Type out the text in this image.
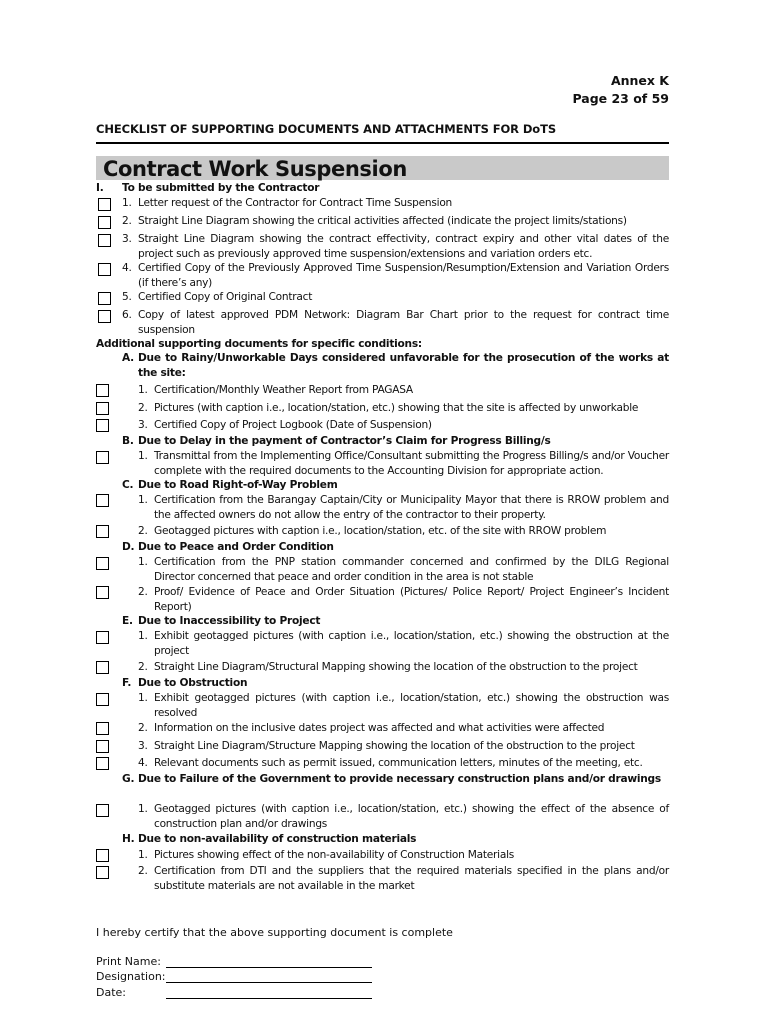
Annex K
Page 23 of 59
CHECKLIST OF SUPPORTING DOCUMENTS AND ATTACHMENTS FOR DoTS
Contract Work Suspension
I. To be submitted by the Contractor
1. Letter request of the Contractor for Contract Time Suspension
2. Straight Line Diagram showing the critical activities affected (indicate the project limits/stations)
3. Straight Line Diagram showing the contract effectivity, contract expiry and other vital dates of the project such as previously approved time suspension/extensions and variation orders etc.
4. Certified Copy of the Previously Approved Time Suspension/Resumption/Extension and Variation Orders (if there’s any)
5. Certified Copy of Original Contract
6. Copy of latest approved PDM Network: Diagram Bar Chart prior to the request for contract time suspension
Additional supporting documents for specific conditions:
A. Due to Rainy/Unworkable Days considered unfavorable for the prosecution of the works at the site:
1. Certification/Monthly Weather Report from PAGASA
2. Pictures (with caption i.e., location/station, etc.) showing that the site is affected by unworkable
3. Certified Copy of Project Logbook (Date of Suspension)
B. Due to Delay in the payment of Contractor’s Claim for Progress Billing/s
1. Transmittal from the Implementing Office/Consultant submitting the Progress Billing/s and/or Voucher complete with the required documents to the Accounting Division for appropriate action.
C. Due to Road Right-of-Way Problem
1. Certification from the Barangay Captain/City or Municipality Mayor that there is RROW problem and the affected owners do not allow the entry of the contractor to their property.
2. Geotagged pictures with caption i.e., location/station, etc. of the site with RROW problem
D. Due to Peace and Order Condition
1. Certification from the PNP station commander concerned and confirmed by the DILG Regional Director concerned that peace and order condition in the area is not stable
2. Proof/ Evidence of Peace and Order Situation (Pictures/ Police Report/ Project Engineer’s Incident Report)
E. Due to Inaccessibility to Project
1. Exhibit geotagged pictures (with caption i.e., location/station, etc.) showing the obstruction at the project
2. Straight Line Diagram/Structural Mapping showing the location of the obstruction to the project
F. Due to Obstruction
1. Exhibit geotagged pictures (with caption i.e., location/station, etc.) showing the obstruction was resolved
2. Information on the inclusive dates project was affected and what activities were affected
3. Straight Line Diagram/Structure Mapping showing the location of the obstruction to the project
4. Relevant documents such as permit issued, communication letters, minutes of the meeting, etc.
G. Due to Failure of the Government to provide necessary construction plans and/or drawings
1. Geotagged pictures (with caption i.e., location/station, etc.) showing the effect of the absence of construction plan and/or drawings
H. Due to non-availability of construction materials
1. Pictures showing effect of the non-availability of Construction Materials
2. Certification from DTI and the suppliers that the required materials specified in the plans and/or substitute materials are not available in the market
I hereby certify that the above supporting document is complete
Print Name:
Designation:
Date:
